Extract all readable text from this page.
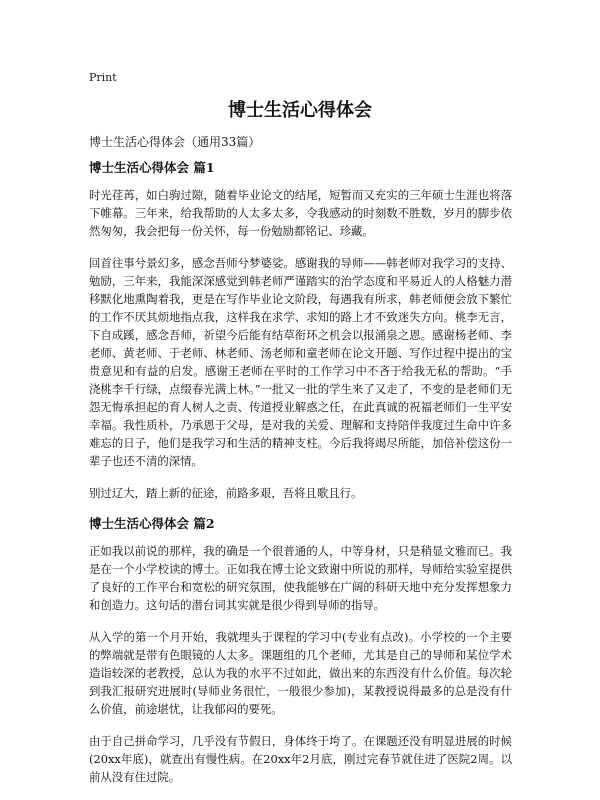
Print
博士生活心得体会
博士生活心得体会（通用33篇）
博士生活心得体会 篇1

时光荏苒，如白驹过隙，随着毕业论文的结尾，短暂而又充实的三年硕士生涯也将落下帷幕。三年来，给我帮助的人太多太多，令我感动的时刻数不胜数，岁月的脚步依然匆匆，我会把每一份关怀，每一份勉励都铭记、珍藏。

回首往事兮景幻多，感念吾师兮梦婆娑。感谢我的导师——韩老师对我学习的支持、勉励，三年来，我能深深感觉到韩老师严谨踏实的治学态度和平易近人的人格魅力潜移默化地熏陶着我，更是在写作毕业论文阶段，每遇我有所求，韩老师便会放下繁忙的工作不厌其烦地指点我，这样我在求学、求知的路上才不致迷失方向。桃李无言，下自成蹊，感念吾师，祈望今后能有结草衔环之机会以报涌泉之恩。感谢杨老师、李老师、黄老师、于老师、林老师、汤老师和童老师在论文开题、写作过程中提出的宝贵意见和有益的启发。感谢王老师在平时的工作学习中不吝于给我无私的帮助。“手浇桃李千行绿，点缀春光满上林。”一批又一批的学生来了又走了，不变的是老师们无怨无悔承担起的育人树人之责、传道授业解惑之任，在此真诚的祝福老师们一生平安幸福。我性质朴，乃承恩于父母，是对我的关爱、理解和支持陪伴我度过生命中许多难忘的日子，他们是我学习和生活的精神支柱。今后我将竭尽所能，加倍补偿这份一辈子也还不清的深情。

别过辽大，踏上新的征途，前路多艰，吾将且歌且行。

博士生活心得体会 篇2

正如我以前说的那样，我的确是一个很普通的人，中等身材，只是稍显文雅而已。我是在一个小学校读的博士。正如我在博士论文致谢中所说的那样，导师给实验室提供了良好的工作平台和宽松的研究氛围，使我能够在广阔的科研天地中充分发挥想象力和创造力。这句话的潜台词其实就是很少得到导师的指导。

从入学的第一个月开始，我就埋头于课程的学习中(专业有点改)。小学校的一个主要的弊端就是带有色眼镜的人太多。课题组的几个老师，尤其是自己的导师和某位学术造诣较深的老教授，总认为我的水平不过如此，做出来的东西没有什么价值。每次轮到我汇报研究进展时(导师业务很忙，一般很少参加)，某教授说得最多的总是没有什么价值，前途堪忧，让我郁闷的要死。

由于自己拼命学习，几乎没有节假日，身体终于垮了。在课题还没有明显进展的时候(20xx年底)，就查出有慢性病。在20xx年2月底，刚过完春节就住进了医院2周。以前从没有住过院。
